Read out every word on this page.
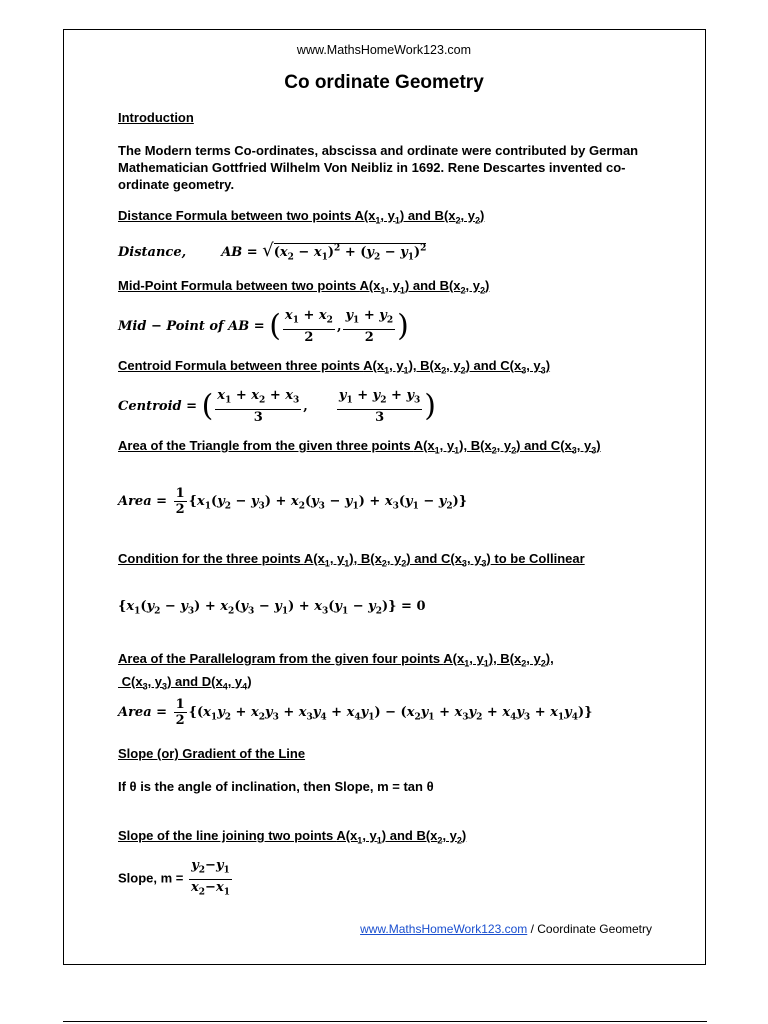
www.MathsHomeWork123.com
Co ordinate Geometry
Introduction
The Modern terms Co-ordinates, abscissa and ordinate were contributed by German Mathematician Gottfried Wilhelm Von Neibliz in 1692. Rene Descartes invented co-ordinate geometry.
Distance Formula between two points $A(x_1$, $y_1$) and $B(x_2$, $y_2$)
Distance,	AB = $√(x_2 - x_1)^2 + (y_2 - y_1)^2$
Mid-Point Formula between two points $A(x_1$, $y_1$) and $B(x_2$, $y_2$)
Mid − Point of AB = ( $\frac{x_1 + x_2}{2}$ , $\frac{y_1 + y_2}{2}$ )
Centroid Formula between three points $A(x_1$, $y_1$), $B(x_2$, $y_2$) and $C(x_3$, $y_3$)
Centroid = ( $\frac{x_1 + x_2 + x_3}{3}$ , $\frac{y_1 + y_2 + y_3}{3}$ )
Area of the Triangle from the given three points $A(x_1$, $y_1$), $B(x_2$, $y_2$) and $C(x_3$, $y_3$)
Area = $\frac{1}{2} \{x_1(y_2 - y_3) + x_2(y_3 - y_1) + x_3(y_1 - y_2)\}$
Condition for the three points $A(x_1$, $y_1$), $B(x_2$, $y_2$) and $C(x_3$, $y_3$) to be Collinear
$\{x_1(y_2 - y_3) + x_2(y_3 - y_1) + x_3(y_1 - y_2)\} = 0$
Area of the Parallelogram from the given four points $A(x_1$, $y_1$), $B(x_2$, $y_2$),
$C(x_3$, $y_3$) and $D(x_4$, $y_4$)
Area = $\frac{1}{2} \{(x_1y_2 + x_2y_3 + x_3y_4 + x_4y_1) - (x_2y_1 + x_3y_2 + x_4y_3 + x_1y_4)\}$
Slope (or) Gradient of the Line
If θ is the angle of inclination, then Slope, m = tan θ
Slope of the line joining two points $A(x_1$, $y_1$) and $B(x_2$, $y_2$)
Slope, $m = \frac{y_2-y_1}{x_2-x_1}$
www.MathsHomeWork123.com / Coordinate Geometry
